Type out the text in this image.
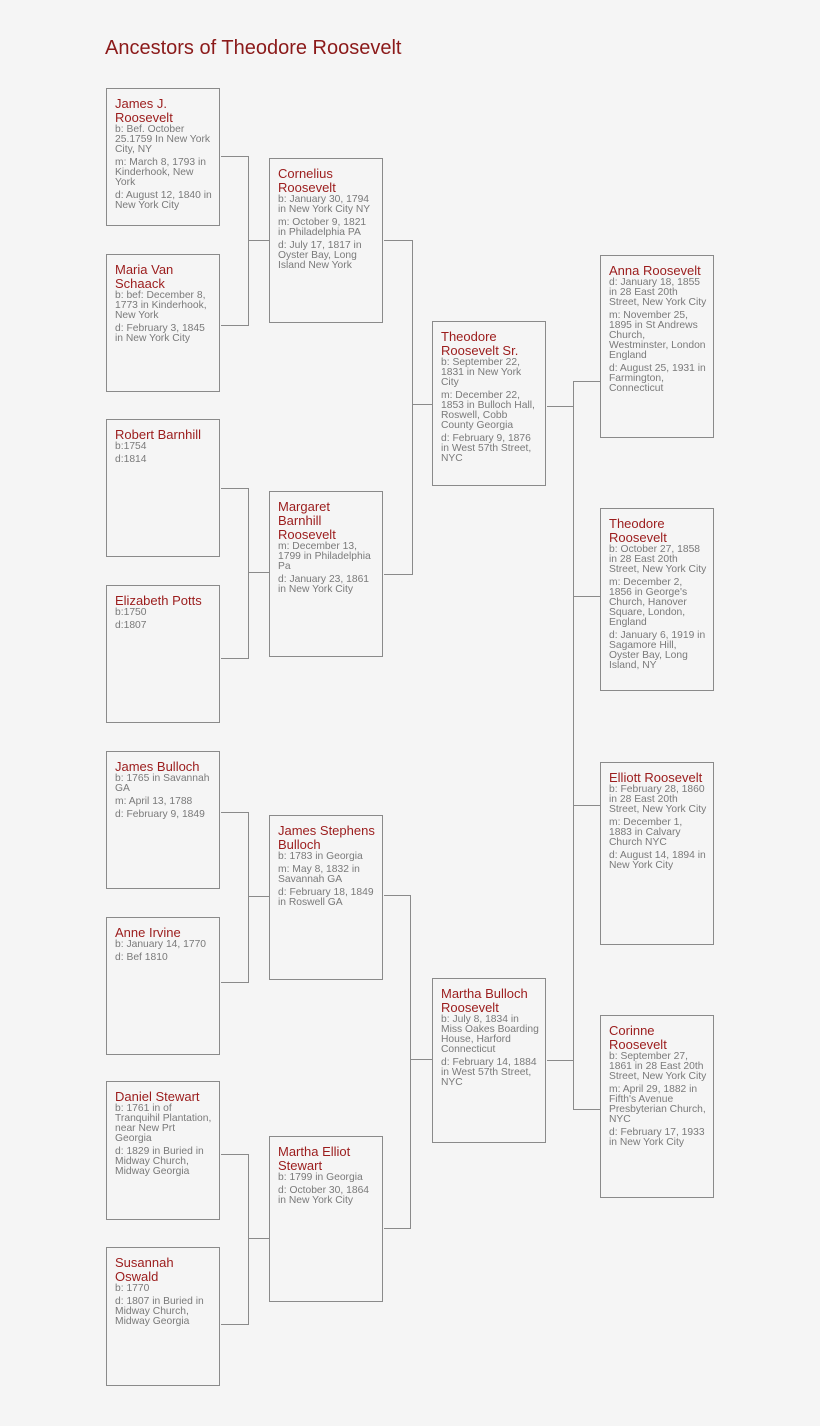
Ancestors of Theodore Roosevelt
James J. Roosevelt
b: Bef. October 25.1759 In New York City, NY
m: March 8, 1793 in Kinderhook, New York
d: August 12, 1840 in New York City
Maria Van Schaack
b: bef: December 8, 1773 in Kinderhook, New York
d: February 3, 1845 in New York City
Robert Barnhill
b:1754
d:1814
Elizabeth Potts
b:1750
d:1807
James Bulloch
b: 1765 in Savannah GA
m: April 13, 1788
d: February 9, 1849
Anne Irvine
b: January 14, 1770
d: Bef 1810
Daniel Stewart
b: 1761 in of Tranquihil Plantation, near New Prt Georgia
d: 1829 in Buried in Midway Church, Midway Georgia
Susannah Oswald
b: 1770
d: 1807 in Buried in Midway Church, Midway Georgia
Cornelius Roosevelt
b: January 30, 1794 in New York City NY
m: October 9, 1821 in Philadelphia PA
d: July 17, 1817 in Oyster Bay, Long Island New York
Margaret Barnhill Roosevelt
m: December 13, 1799 in Philadelphia Pa
d: January 23, 1861 in New York City
James Stephens Bulloch
b: 1783 in Georgia
m: May 8, 1832 in Savannah GA
d: February 18, 1849 in Roswell GA
Martha Elliot Stewart
b: 1799 in Georgia
d: October 30, 1864 in New York City
Theodore Roosevelt Sr.
b: September 22, 1831 in New York City
m: December 22, 1853 in Bulloch Hall, Roswell, Cobb County Georgia
d: February 9, 1876 in West 57th Street, NYC
Martha Bulloch Roosevelt
b: July 8, 1834 in Miss Oakes Boarding House, Harford Connecticut
d: February 14, 1884 in West 57th Street, NYC
Anna Roosevelt
d: January 18, 1855 in 28 East 20th Street, New York City
m: November 25, 1895 in St Andrews Church, Westminster, London England
d: August 25, 1931 in Farmington, Connecticut
Theodore Roosevelt
b: October 27, 1858 in 28 East 20th Street, New York City
m: December 2, 1856 in George's Church, Hanover Square, London, England
d: January 6, 1919 in Sagamore Hill, Oyster Bay, Long Island, NY
Elliott Roosevelt
b: February 28, 1860 in 28 East 20th Street, New York City
m: December 1, 1883 in Calvary Church NYC
d: August 14, 1894 in New York City
Corinne Roosevelt
b: September 27, 1861 in 28 East 20th Street, New York City
m: April 29, 1882 in Fifth's Avenue Presbyterian Church, NYC
d: February 17, 1933 in New York City
